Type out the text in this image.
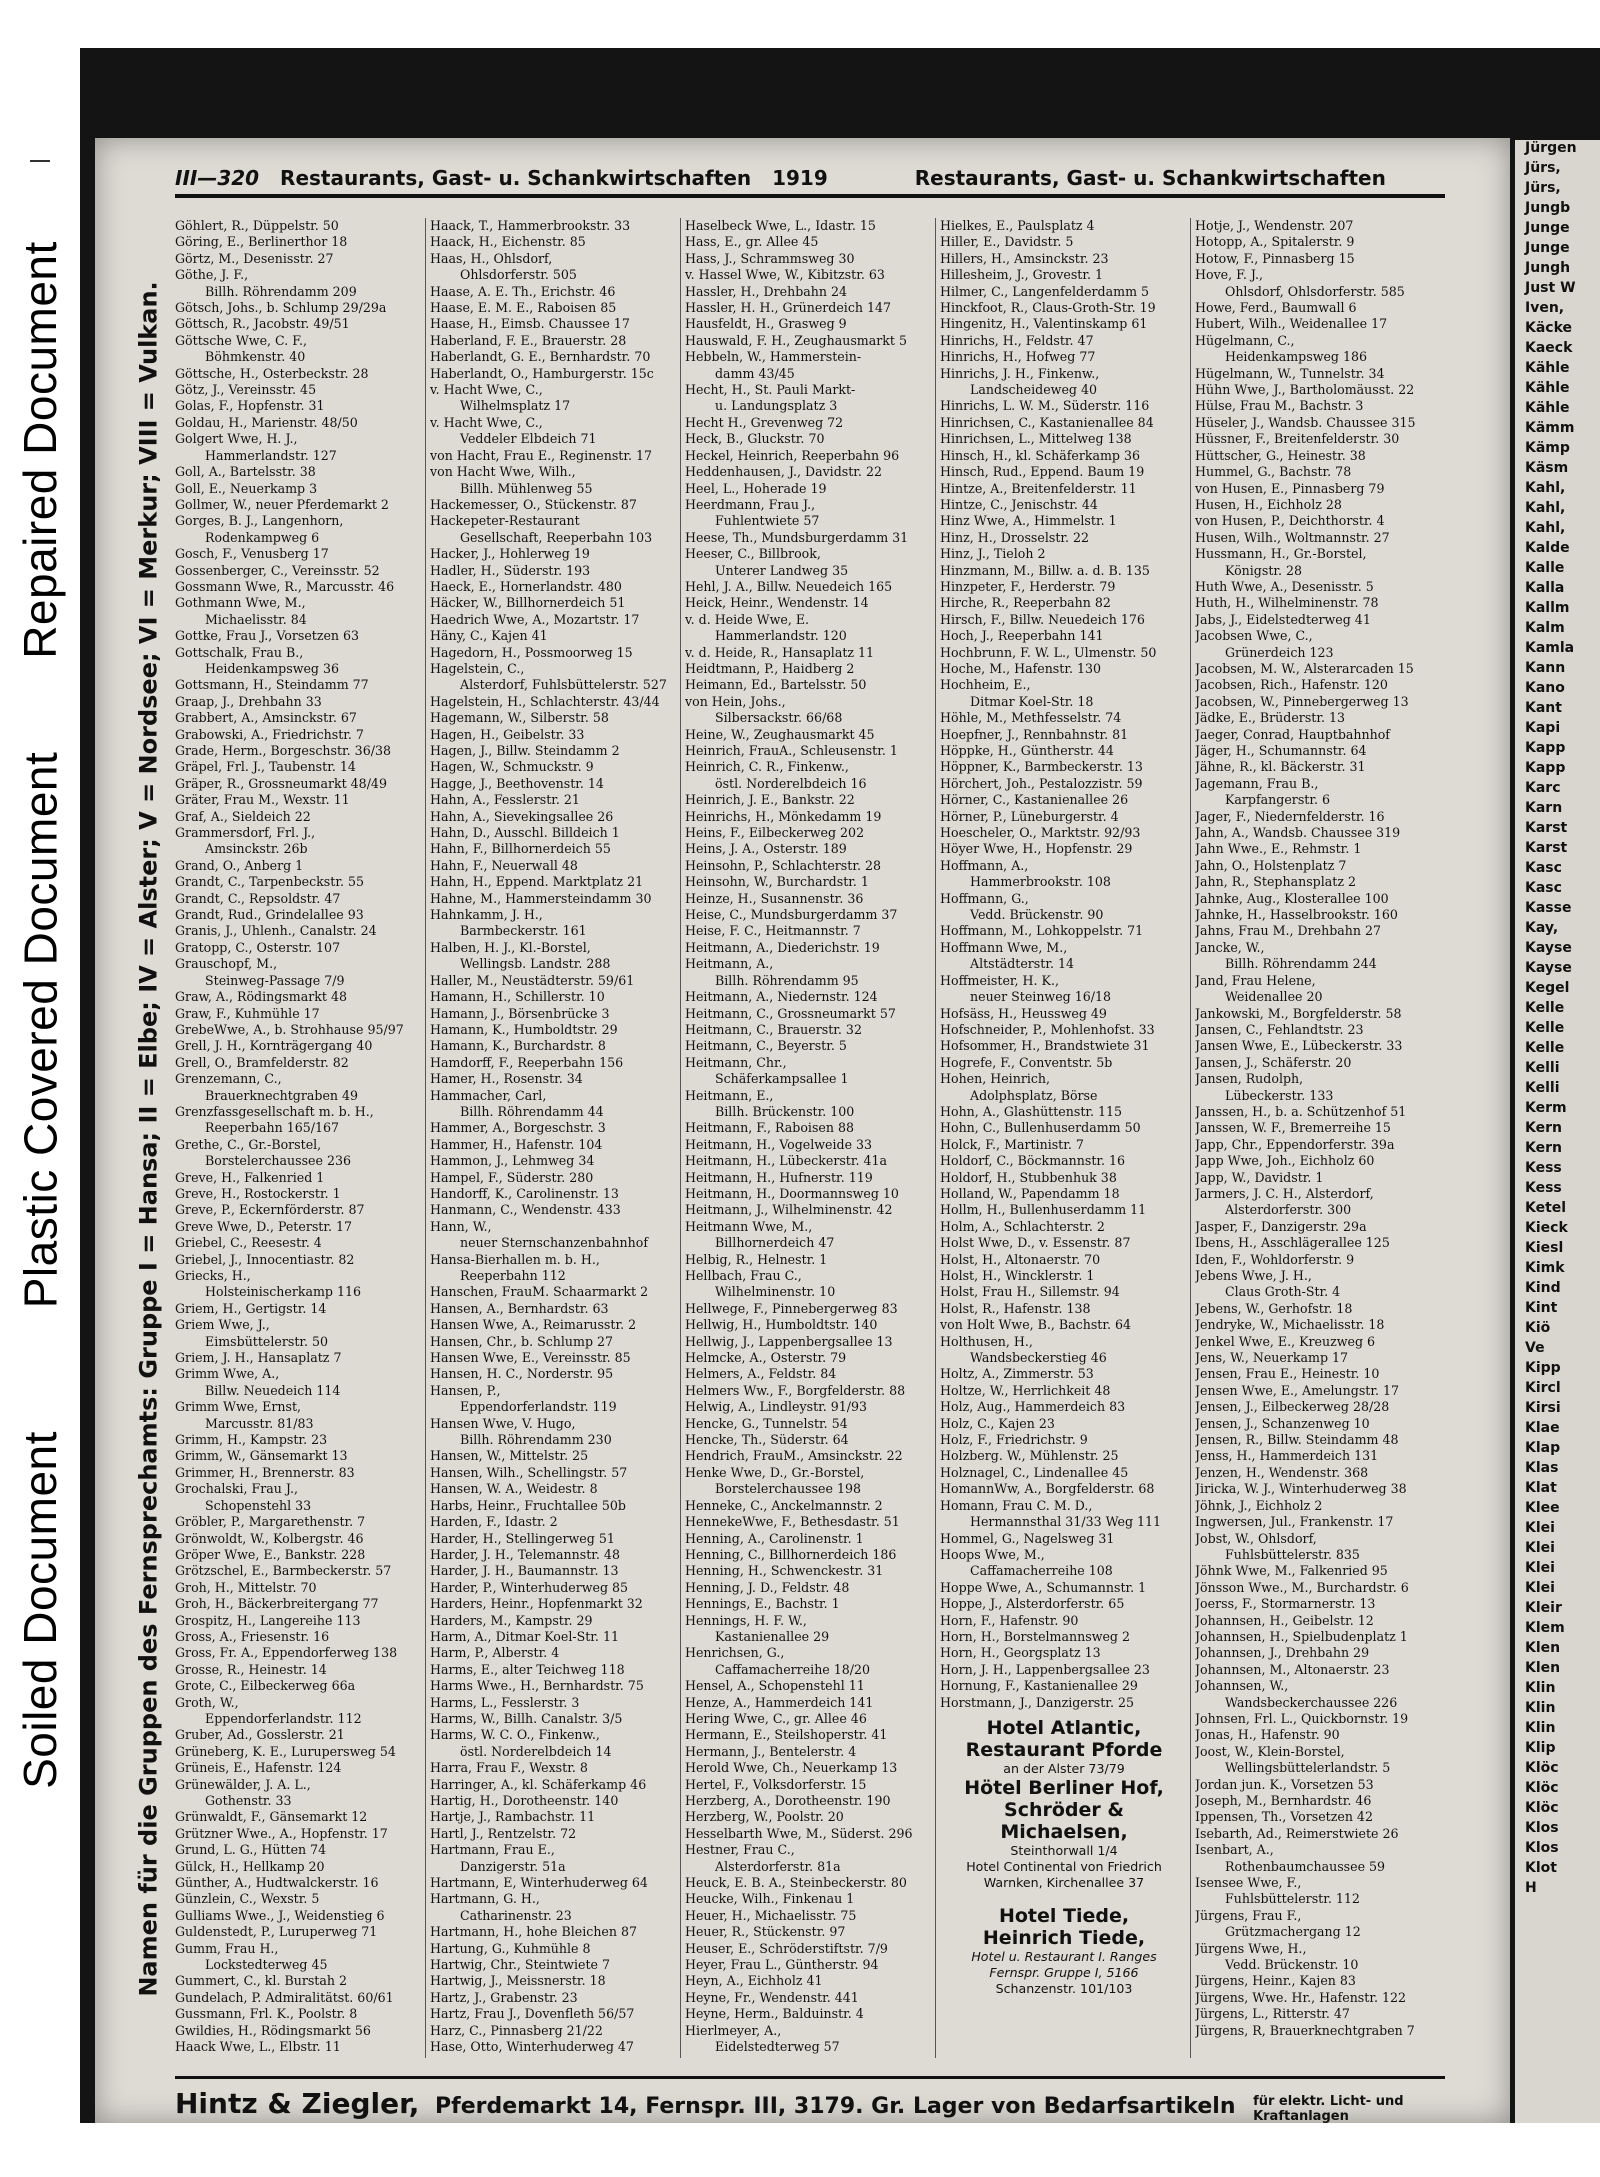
Repaired Document
Plastic Covered Document
Soiled Document
III—320 Restaurants, Gast- u. Schankwirtschaften 1919	Restaurants, Gast- u. Schankwirtschaften
Namen für die Gruppen des Fernsprechamts: Gruppe I = Hansa; II = Elbe; IV = Alster; V = Nordsee; VI = Merkur; VIII = Vulkan.
Göhlert, R., Düppelstr. 50
Göring, E., Berlinerthor 18
Görtz, M., Desenisstr. 27
Göthe, J. F.,
Billh. Röhrendamm 209
Götsch, Johs., b. Schlump 29/29a
Göttsch, R., Jacobstr. 49/51
Göttsche Wwe, C. F.,
Böhmkenstr. 40
Göttsche, H., Osterbeckstr. 28
Götz, J., Vereinsstr. 45
Golas, F., Hopfenstr. 31
Goldau, H., Marienstr. 48/50
Golgert Wwe, H. J.,
Hammerlandstr. 127
Goll, A., Bartelsstr. 38
Goll, E., Neuerkamp 3
Gollmer, W., neuer Pferdemarkt 2
Gorges, B. J., Langenhorn,
Rodenkampweg 6
Gosch, F., Venusberg 17
Gossenberger, C., Vereinsstr. 52
Gossmann Wwe, R., Marcusstr. 46
Gothmann Wwe, M.,
Michaelisstr. 84
Gottke, Frau J., Vorsetzen 63
Gottschalk, Frau B.,
Heidenkampsweg 36
Gottsmann, H., Steindamm 77
Graap, J., Drehbahn 33
Grabbert, A., Amsinckstr. 67
Grabowski, A., Friedrichstr. 7
Grade, Herm., Borgeschstr. 36/38
Gräpel, Frl. J., Taubenstr. 14
Gräper, R., Grossneumarkt 48/49
Gräter, Frau M., Wexstr. 11
Graf, A., Sieldeich 22
Grammersdorf, Frl. J.,
Amsinckstr. 26b
Grand, O., Anberg 1
Grandt, C., Tarpenbeckstr. 55
Grandt, C., Repsoldstr. 47
Grandt, Rud., Grindelallee 93
Granis, J., Uhlenh., Canalstr. 24
Gratopp, C., Osterstr. 107
Grauschopf, M.,
Steinweg-Passage 7/9
Graw, A., Rödingsmarkt 48
Graw, F., Kuhmühle 17
GrebeWwe, A., b. Strohhause 95/97
Grell, J. H., Kornträgergang 40
Grell, O., Bramfelderstr. 82
Grenzemann, C.,
Brauerknechtgraben 49
Grenzfassgesellschaft m. b. H.,
Reeperbahn 165/167
Grethe, C., Gr.-Borstel,
Borstelerchaussee 236
Greve, H., Falkenried 1
Greve, H., Rostockerstr. 1
Greve, P., Eckernförderstr. 87
Greve Wwe, D., Peterstr. 17
Griebel, C., Reesestr. 4
Griebel, J., Innocentiastr. 82
Griecks, H.,
Holsteinischerkamp 116
Griem, H., Gertigstr. 14
Griem Wwe, J.,
Eimsbüttelerstr. 50
Griem, J. H., Hansaplatz 7
Grimm Wwe, A.,
Billw. Neuedeich 114
Grimm Wwe, Ernst,
Marcusstr. 81/83
Grimm, H., Kampstr. 23
Grimm, W., Gänsemarkt 13
Grimmer, H., Brennerstr. 83
Grochalski, Frau J.,
Schopenstehl 33
Gröbler, P., Margarethenstr. 7
Grönwoldt, W., Kolbergstr. 46
Gröper Wwe, E., Bankstr. 228
Grötzschel, E., Barmbeckerstr. 57
Groh, H., Mittelstr. 70
Groh, H., Bäckerbreitergang 77
Grospitz, H., Langereihe 113
Gross, A., Friesenstr. 16
Gross, Fr. A., Eppendorferweg 138
Grosse, R., Heinestr. 14
Grote, C., Eilbeckerweg 66a
Groth, W.,
Eppendorferlandstr. 112
Gruber, Ad., Gosslerstr. 21
Grüneberg, K. E., Lurupersweg 54
Grüneis, E., Hafenstr. 124
Grünewälder, J. A. L.,
Gothenstr. 33
Grünwaldt, F., Gänsemarkt 12
Grützner Wwe., A., Hopfenstr. 17
Grund, L. G., Hütten 74
Gülck, H., Hellkamp 20
Günther, A., Hudtwalckerstr. 16
Günzlein, C., Wexstr. 5
Gulliams Wwe., J., Weidenstieg 6
Guldenstedt, P., Luruperweg 71
Gumm, Frau H.,
Lockstedterweg 45
Gummert, C., kl. Burstah 2
Gundelach, P. Admiralitätst. 60/61
Gussmann, Frl. K., Poolstr. 8
Gwildies, H., Rödingsmarkt 56
Haack Wwe, L., Elbstr. 11
Haack, T., Hammerbrookstr. 33
Haack, H., Eichenstr. 85
Haas, H., Ohlsdorf,
Ohlsdorferstr. 505
Haase, A. E. Th., Erichstr. 46
Haase, E. M. E., Raboisen 85
Haase, H., Eimsb. Chaussee 17
Haberland, F. E., Brauerstr. 28
Haberlandt, G. E., Bernhardstr. 70
Haberlandt, O., Hamburgerstr. 15c
v. Hacht Wwe, C.,
Wilhelmsplatz 17
v. Hacht Wwe, C.,
Veddeler Elbdeich 71
von Hacht, Frau E., Reginenstr. 17
von Hacht Wwe, Wilh.,
Billh. Mühlenweg 55
Hackemesser, O., Stückenstr. 87
Hackepeter-Restaurant
Gesellschaft, Reeperbahn 103
Hacker, J., Hohlerweg 19
Hadler, H., Süderstr. 193
Haeck, E., Hornerlandstr. 480
Häcker, W., Billhornerdeich 51
Haedrich Wwe, A., Mozartstr. 17
Häny, C., Kajen 41
Hagedorn, H., Possmoorweg 15
Hagelstein, C.,
Alsterdorf, Fuhlsbüttelerstr. 527
Hagelstein, H., Schlachterstr. 43/44
Hagemann, W., Silberstr. 58
Hagen, H., Geibelstr. 33
Hagen, J., Billw. Steindamm 2
Hagen, W., Schmuckstr. 9
Hagge, J., Beethovenstr. 14
Hahn, A., Fesslerstr. 21
Hahn, A., Sievekingsallee 26
Hahn, D., Ausschl. Billdeich 1
Hahn, F., Billhornerdeich 55
Hahn, F., Neuerwall 48
Hahn, H., Eppend. Marktplatz 21
Hahne, M., Hammersteindamm 30
Hahnkamm, J. H.,
Barmbeckerstr. 161
Halben, H. J., Kl.-Borstel,
Wellingsb. Landstr. 288
Haller, M., Neustädterstr. 59/61
Hamann, H., Schillerstr. 10
Hamann, J., Börsenbrücke 3
Hamann, K., Humboldtstr. 29
Hamann, K., Burchardstr. 8
Hamdorff, F., Reeperbahn 156
Hamer, H., Rosenstr. 34
Hammacher, Carl,
Billh. Röhrendamm 44
Hammer, A., Borgeschstr. 3
Hammer, H., Hafenstr. 104
Hammon, J., Lehmweg 34
Hampel, F., Süderstr. 280
Handorff, K., Carolinenstr. 13
Hanmann, C., Wendenstr. 433
Hann, W.,
neuer Sternschanzenbahnhof
Hansa-Bierhallen m. b. H.,
Reeperbahn 112
Hanschen, FrauM. Schaarmarkt 2
Hansen, A., Bernhardstr. 63
Hansen Wwe, A., Reimarusstr. 2
Hansen, Chr., b. Schlump 27
Hansen Wwe, E., Vereinsstr. 85
Hansen, H. C., Norderstr. 95
Hansen, P.,
Eppendorferlandstr. 119
Hansen Wwe, V. Hugo,
Billh. Röhrendamm 230
Hansen, W., Mittelstr. 25
Hansen, Wilh., Schellingstr. 57
Hansen, W. A., Weidestr. 8
Harbs, Heinr., Fruchtallee 50b
Harden, F., Idastr. 2
Harder, H., Stellingerweg 51
Harder, J. H., Telemannstr. 48
Harder, J. H., Baumannstr. 13
Harder, P., Winterhuderweg 85
Harders, Heinr., Hopfenmarkt 32
Harders, M., Kampstr. 29
Harm, A., Ditmar Koel-Str. 11
Harm, P., Alberstr. 4
Harms, E., alter Teichweg 118
Harms Wwe., H., Bernhardstr. 75
Harms, L., Fesslerstr. 3
Harms, W., Billh. Canalstr. 3/5
Harms, W. C. O., Finkenw.,
östl. Norderelbdeich 14
Harra, Frau F., Wexstr. 8
Harringer, A., kl. Schäferkamp 46
Hartig, H., Dorotheenstr. 140
Hartje, J., Rambachstr. 11
Hartl, J., Rentzelstr. 72
Hartmann, Frau E.,
Danzigerstr. 51a
Hartmann, E, Winterhuderweg 64
Hartmann, G. H.,
Catharinenstr. 23
Hartmann, H., hohe Bleichen 87
Hartung, G., Kuhmühle 8
Hartwig, Chr., Steintwiete 7
Hartwig, J., Meissnerstr. 18
Hartz, J., Grabenstr. 23
Hartz, Frau J., Dovenfleth 56/57
Harz, C., Pinnasberg 21/22
Hase, Otto, Winterhuderweg 47
Haselbeck Wwe, L., Idastr. 15
Hass, E., gr. Allee 45
Hass, J., Schrammsweg 30
v. Hassel Wwe, W., Kibitzstr. 63
Hassler, H., Drehbahn 24
Hassler, H. H., Grünerdeich 147
Hausfeldt, H., Grasweg 9
Hauswald, F. H., Zeughausmarkt 5
Hebbeln, W., Hammerstein-
damm 43/45
Hecht, H., St. Pauli Markt-
u. Landungsplatz 3
Hecht H., Grevenweg 72
Heck, B., Gluckstr. 70
Heckel, Heinrich, Reeperbahn 96
Heddenhausen, J., Davidstr. 22
Heel, L., Hoherade 19
Heerdmann, Frau J.,
Fuhlentwiete 57
Heese, Th., Mundsburgerdamm 31
Heeser, C., Billbrook,
Unterer Landweg 35
Hehl, J. A., Billw. Neuedeich 165
Heick, Heinr., Wendenstr. 14
v. d. Heide Wwe, E.
Hammerlandstr. 120
v. d. Heide, R., Hansaplatz 11
Heidtmann, P., Haidberg 2
Heimann, Ed., Bartelsstr. 50
von Hein, Johs.,
Silbersackstr. 66/68
Heine, W., Zeughausmarkt 45
Heinrich, FrauA., Schleusenstr. 1
Heinrich, C. R., Finkenw.,
östl. Norderelbdeich 16
Heinrich, J. E., Bankstr. 22
Heinrichs, H., Mönkedamm 19
Heins, F., Eilbeckerweg 202
Heins, J. A., Osterstr. 189
Heinsohn, P., Schlachterstr. 28
Heinsohn, W., Burchardstr. 1
Heinze, H., Susannenstr. 36
Heise, C., Mundsburgerdamm 37
Heise, F. C., Heitmannstr. 7
Heitmann, A., Diederichstr. 19
Heitmann, A.,
Billh. Röhrendamm 95
Heitmann, A., Niedernstr. 124
Heitmann, C., Grossneumarkt 57
Heitmann, C., Brauerstr. 32
Heitmann, C., Beyerstr. 5
Heitmann, Chr.,
Schäferkampsallee 1
Heitmann, E.,
Billh. Brückenstr. 100
Heitmann, F., Raboisen 88
Heitmann, H., Vogelweide 33
Heitmann, H., Lübeckerstr. 41a
Heitmann, H., Hufnerstr. 119
Heitmann, H., Doormannsweg 10
Heitmann, J., Wilhelminenstr. 42
Heitmann Wwe, M.,
Billhornerdeich 47
Helbig, R., Helnestr. 1
Hellbach, Frau C.,
Wilhelminenstr. 10
Hellwege, F., Pinnebergerweg 83
Hellwig, H., Humboldtstr. 140
Hellwig, J., Lappenbergsallee 13
Helmcke, A., Osterstr. 79
Helmers, A., Feldstr. 84
Helmers Ww., F., Borgfelderstr. 88
Helwig, A., Lindleystr. 91/93
Hencke, G., Tunnelstr. 54
Hencke, Th., Süderstr. 64
Hendrich, FrauM., Amsinckstr. 22
Henke Wwe, D., Gr.-Borstel,
Borstelerchaussee 198
Henneke, C., Anckelmannstr. 2
HennekeWwe, F., Bethesdastr. 51
Henning, A., Carolinenstr. 1
Henning, C., Billhornerdeich 186
Henning, H., Schwenckestr. 31
Henning, J. D., Feldstr. 48
Hennings, E., Bachstr. 1
Hennings, H. F. W.,
Kastanienallee 29
Henrichsen, G.,
Caffamacherreihe 18/20
Hensel, A., Schopenstehl 11
Henze, A., Hammerdeich 141
Hering Wwe, C., gr. Allee 46
Hermann, E., Steilshoperstr. 41
Hermann, J., Bentelerstr. 4
Herold Wwe, Ch., Neuerkamp 13
Hertel, F., Volksdorferstr. 15
Herzberg, A., Dorotheenstr. 190
Herzberg, W., Poolstr. 20
Hesselbarth Wwe, M., Süderst. 296
Hestner, Frau C.,
Alsterdorferstr. 81a
Heuck, E. B. A., Steinbeckerstr. 80
Heucke, Wilh., Finkenau 1
Heuer, H., Michaelisstr. 75
Heuer, R., Stückenstr. 97
Heuser, E., Schröderstiftstr. 7/9
Heyer, Frau L., Güntherstr. 94
Heyn, A., Eichholz 41
Heyne, Fr., Wendenstr. 441
Heyne, Herm., Balduinstr. 4
Hierlmeyer, A.,
Eidelstedterweg 57
Hielkes, E., Paulsplatz 4
Hiller, E., Davidstr. 5
Hillers, H., Amsinckstr. 23
Hillesheim, J., Grovestr. 1
Hilmer, C., Langenfelderdamm 5
Hinckfoot, R., Claus-Groth-Str. 19
Hingenitz, H., Valentinskamp 61
Hinrichs, H., Feldstr. 47
Hinrichs, H., Hofweg 77
Hinrichs, J. H., Finkenw.,
Landscheideweg 40
Hinrichs, L. W. M., Süderstr. 116
Hinrichsen, C., Kastanienallee 84
Hinrichsen, L., Mittelweg 138
Hinsch, H., kl. Schäferkamp 36
Hinsch, Rud., Eppend. Baum 19
Hintze, A., Breitenfelderstr. 11
Hintze, C., Jenischstr. 44
Hinz Wwe, A., Himmelstr. 1
Hinz, H., Drosselstr. 22
Hinz, J., Tieloh 2
Hinzmann, M., Billw. a. d. B. 135
Hinzpeter, F., Herderstr. 79
Hirche, R., Reeperbahn 82
Hirsch, F., Billw. Neuedeich 176
Hoch, J., Reeperbahn 141
Hochbrunn, F. W. L., Ulmenstr. 50
Hoche, M., Hafenstr. 130
Hochheim, E.,
Ditmar Koel-Str. 18
Höhle, M., Methfesselstr. 74
Hoepfner, J., Rennbahnstr. 81
Höppke, H., Güntherstr. 44
Höppner, K., Barmbeckerstr. 13
Hörchert, Joh., Pestalozzistr. 59
Hörner, C., Kastanienallee 26
Hörner, P., Lüneburgerstr. 4
Hoescheler, O., Marktstr. 92/93
Höyer Wwe, H., Hopfenstr. 29
Hoffmann, A.,
Hammerbrookstr. 108
Hoffmann, G.,
Vedd. Brückenstr. 90
Hoffmann, M., Lohkoppelstr. 71
Hoffmann Wwe, M.,
Altstädterstr. 14
Hoffmeister, H. K.,
neuer Steinweg 16/18
Hofsäss, H., Heussweg 49
Hofschneider, P., Mohlenhofst. 33
Hofsommer, H., Brandstwiete 31
Hogrefe, F., Conventstr. 5b
Hohen, Heinrich,
Adolphsplatz, Börse
Hohn, A., Glashüttenstr. 115
Hohn, C., Bullenhuserdamm 50
Holck, F., Martinistr. 7
Holdorf, C., Böckmannstr. 16
Holdorf, H., Stubbenhuk 38
Holland, W., Papendamm 18
Hollm, H., Bullenhuserdamm 11
Holm, A., Schlachterstr. 2
Holst Wwe, D., v. Essenstr. 87
Holst, H., Altonaerstr. 70
Holst, H., Wincklerstr. 1
Holst, Frau H., Sillemstr. 94
Holst, R., Hafenstr. 138
von Holt Wwe, B., Bachstr. 64
Holthusen, H.,
Wandsbeckerstieg 46
Holtz, A., Zimmerstr. 53
Holtze, W., Herrlichkeit 48
Holz, Aug., Hammerdeich 83
Holz, C., Kajen 23
Holz, F., Friedrichstr. 9
Holzberg. W., Mühlenstr. 25
Holznagel, C., Lindenallee 45
HomannWw, A., Borgfelderstr. 68
Homann, Frau C. M. D.,
Hermannsthal 31/33 Weg 111
Hommel, G., Nagelsweg 31
Hoops Wwe, M.,
Caffamacherreihe 108
Hoppe Wwe, A., Schumannstr. 1
Hoppe, J., Alsterdorferstr. 65
Horn, F., Hafenstr. 90
Horn, H., Borstelmannsweg 2
Horn, H., Georgsplatz 13
Horn, J. H., Lappenbergsallee 23
Hornung, F., Kastanienallee 29
Horstmann, J., Danzigerstr. 25
Hotel Atlantic,
Restaurant Pforde
an der Alster 73/79
Hötel Berliner Hof,
Schröder &
Michaelsen,
Steinthorwall 1/4
Hotel Continental von Friedrich
Warnken, Kirchenallee 37
Hotel Tiede,
Heinrich Tiede,
Hotel u. Restaurant I. Ranges
Fernspr. Gruppe I, 5166
Schanzenstr. 101/103
Hotje, J., Wendenstr. 207
Hotopp, A., Spitalerstr. 9
Hotow, F., Pinnasberg 15
Hove, F. J.,
Ohlsdorf, Ohlsdorferstr. 585
Howe, Ferd., Baumwall 6
Hubert, Wilh., Weidenallee 17
Hügelmann, C.,
Heidenkampsweg 186
Hügelmann, W., Tunnelstr. 34
Hühn Wwe, J., Bartholomäusst. 22
Hülse, Frau M., Bachstr. 3
Hüseler, J., Wandsb. Chaussee 315
Hüssner, F., Breitenfelderstr. 30
Hüttscher, G., Heinestr. 38
Hummel, G., Bachstr. 78
von Husen, E., Pinnasberg 79
Husen, H., Eichholz 28
von Husen, P., Deichthorstr. 4
Husen, Wilh., Woltmannstr. 27
Hussmann, H., Gr.-Borstel,
Königstr. 28
Huth Wwe, A., Desenisstr. 5
Huth, H., Wilhelminenstr. 78
Jabs, J., Eidelstedterweg 41
Jacobsen Wwe, C.,
Grünerdeich 123
Jacobsen, M. W., Alsterarcaden 15
Jacobsen, Rich., Hafenstr. 120
Jacobsen, W., Pinnebergerweg 13
Jädke, E., Brüderstr. 13
Jaeger, Conrad, Hauptbahnhof
Jäger, H., Schumannstr. 64
Jähne, R., kl. Bäckerstr. 31
Jagemann, Frau B.,
Karpfangerstr. 6
Jager, F., Niedernfelderstr. 16
Jahn, A., Wandsb. Chaussee 319
Jahn Wwe., E., Rehmstr. 1
Jahn, O., Holstenplatz 7
Jahn, R., Stephansplatz 2
Jahnke, Aug., Klosterallee 100
Jahnke, H., Hasselbrookstr. 160
Jahns, Frau M., Drehbahn 27
Jancke, W.,
Billh. Röhrendamm 244
Jand, Frau Helene,
Weidenallee 20
Jankowski, M., Borgfelderstr. 58
Jansen, C., Fehlandtstr. 23
Jansen Wwe, E., Lübeckerstr. 33
Jansen, J., Schäferstr. 20
Jansen, Rudolph,
Lübeckerstr. 133
Janssen, H., b. a. Schützenhof 51
Janssen, W. F., Bremerreihe 15
Japp, Chr., Eppendorferstr. 39a
Japp Wwe, Joh., Eichholz 60
Japp, W., Davidstr. 1
Jarmers, J. C. H., Alsterdorf,
Alsterdorferstr. 300
Jasper, F., Danzigerstr. 29a
Ibens, H., Asschlägerallee 125
Iden, F., Wohldorferstr. 9
Jebens Wwe, J. H.,
Claus Groth-Str. 4
Jebens, W., Gerhofstr. 18
Jendryke, W., Michaelisstr. 18
Jenkel Wwe, E., Kreuzweg 6
Jens, W., Neuerkamp 17
Jensen, Frau E., Heinestr. 10
Jensen Wwe, E., Amelungstr. 17
Jensen, J., Eilbeckerweg 28/28
Jensen, J., Schanzenweg 10
Jensen, R., Billw. Steindamm 48
Jenss, H., Hammerdeich 131
Jenzen, H., Wendenstr. 368
Jiricka, W. J., Winterhuderweg 38
Jöhnk, J., Eichholz 2
Ingwersen, Jul., Frankenstr. 17
Jobst, W., Ohlsdorf,
Fuhlsbüttelerstr. 835
Jöhnk Wwe, M., Falkenried 95
Jönsson Wwe., M., Burchardstr. 6
Joerss, F., Stormarnerstr. 13
Johannsen, H., Geibelstr. 12
Johannsen, H., Spielbudenplatz 1
Johannsen, J., Drehbahn 29
Johannsen, M., Altonaerstr. 23
Johannsen, W.,
Wandsbeckerchaussee 226
Johnsen, Frl. L., Quickbornstr. 19
Jonas, H., Hafenstr. 90
Joost, W., Klein-Borstel,
Wellingsbüttelerlandstr. 5
Jordan jun. K., Vorsetzen 53
Joseph, M., Bernhardstr. 46
Ippensen, Th., Vorsetzen 42
Isebarth, Ad., Reimerstwiete 26
Isenbart, A.,
Rothenbaumchaussee 59
Isensee Wwe, F.,
Fuhlsbüttelerstr. 112
Jürgens, Frau F.,
Grützmachergang 12
Jürgens Wwe, H.,
Vedd. Brückenstr. 10
Jürgens, Heinr., Kajen 83
Jürgens, Wwe. Hr., Hafenstr. 122
Jürgens, L., Ritterstr. 47
Jürgens, R, Brauerknechtgraben 7
Hintz & Ziegler, Pferdemarkt 14, Fernspr. III, 3179. Gr. Lager von Bedarfsartikeln für elektr. Licht- und
Kraftanlagen
Jürgen
Jürs,
Jürs,
Jungb
Junge
Junge
Jungh
Just W
Iven,
Käcke
Kaeck
Kähle
Kähle
Kähle
Kämm
Kämp
Käsm
Kahl,
Kahl,
Kahl,
Kalde
Kalle
Kalla
Kallm
Kalm
Kamla
Kann
Kano
Kant
Kapi
Kapp
Kapp
Karc
Karn
Karst
Karst
Kasc
Kasc
Kasse
Kay,
Kayse
Kayse
Kegel
Kelle
Kelle
Kelle
Kelli
Kelli
Kerm
Kern
Kern
Kess
Kess
Ketel
Kieck
Kiesl
Kimk
Kind
Kint
Kiö
Ve
Kipp
Kircl
Kirsi
Klae
Klap
Klas
Klat
Klee
Klei
Klei
Klei
Klei
Kleir
Klem
Klen
Klen
Klin
Klin
Klin
Klip
Klöc
Klöc
Klöc
Klos
Klos
Klot
H
